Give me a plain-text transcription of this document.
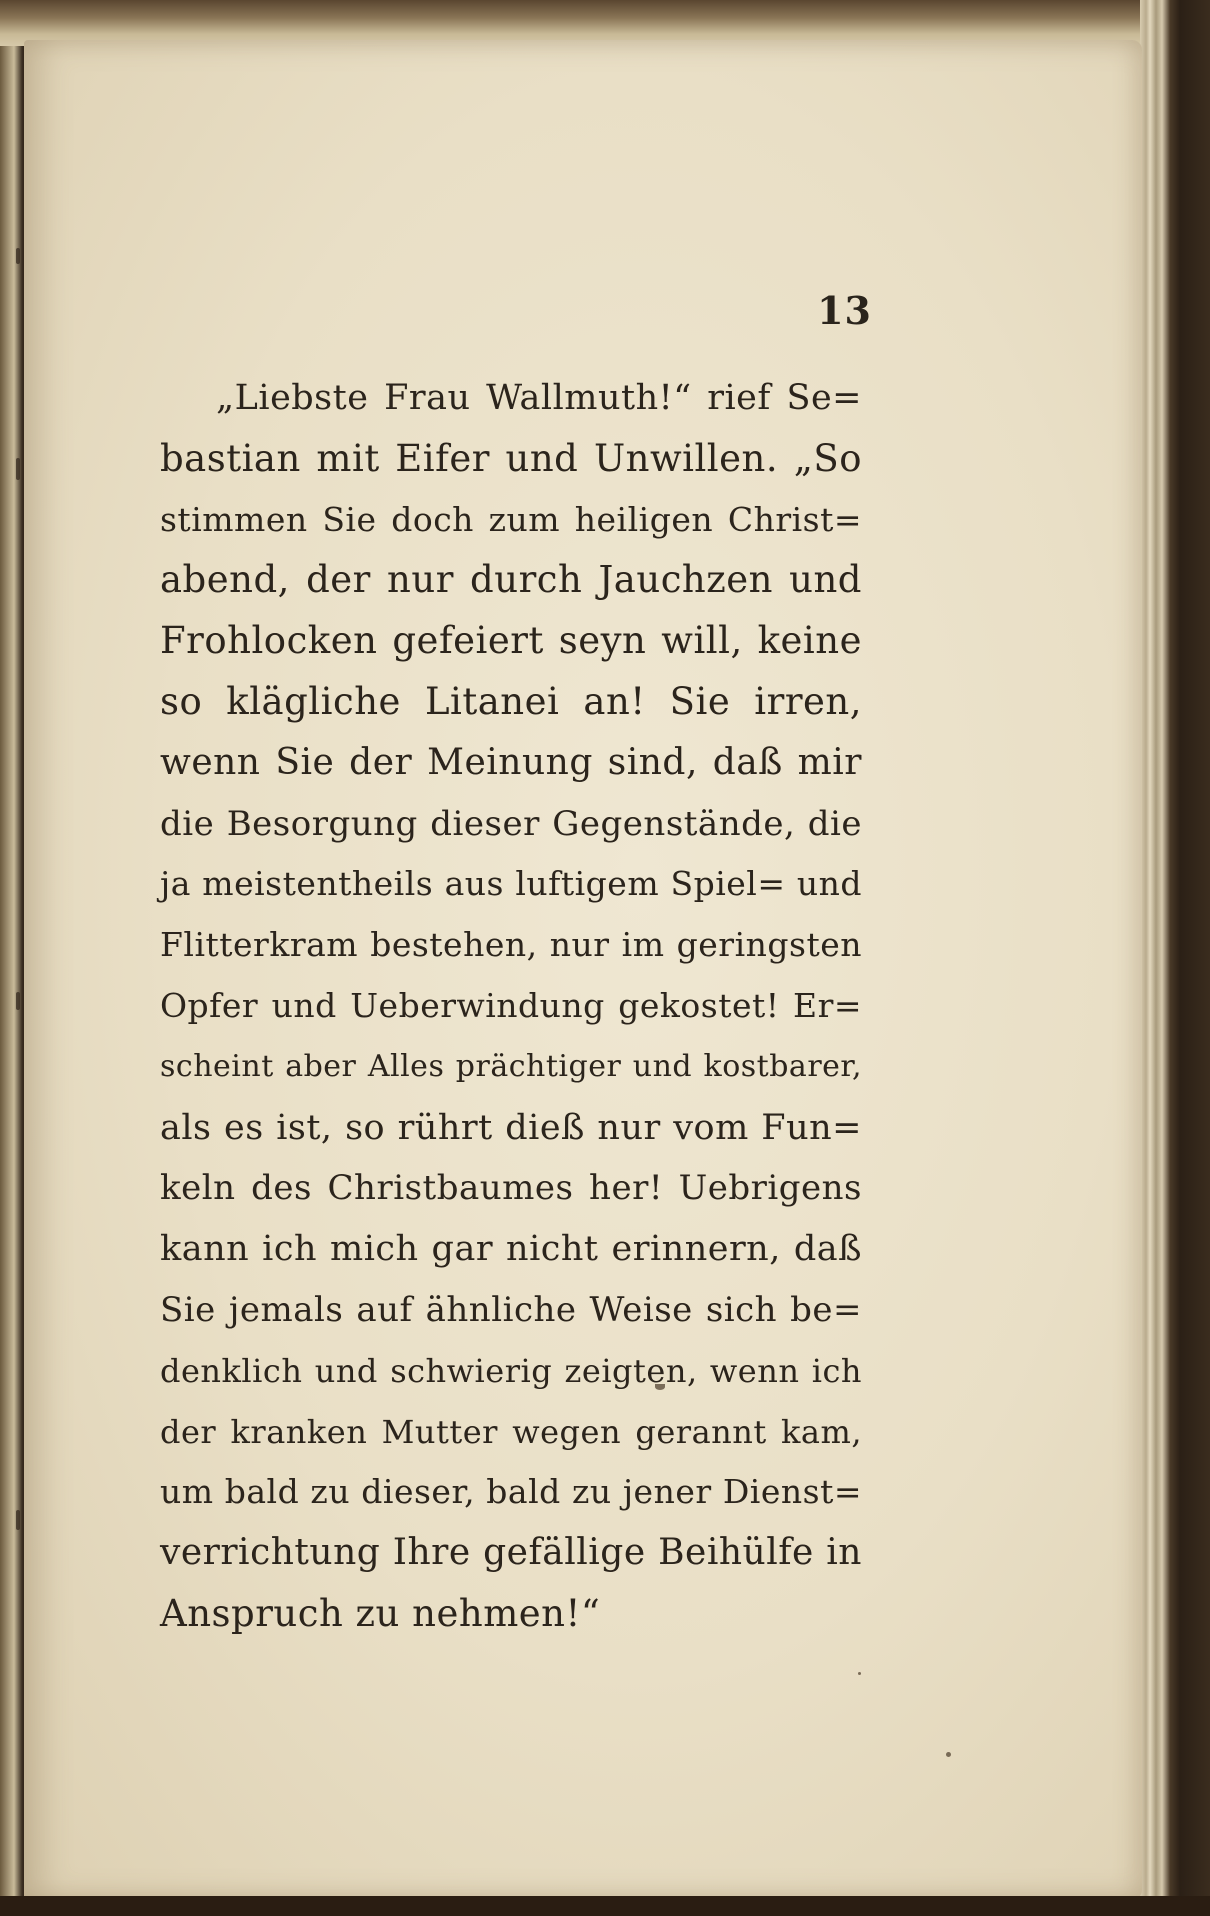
13
„Liebste Frau Wallmuth!“ rief Se=
bastian mit Eifer und Unwillen. „So
stimmen Sie doch zum heiligen Christ=
abend, der nur durch Jauchzen und
Frohlocken gefeiert seyn will, keine
so klägliche Litanei an! Sie irren,
wenn Sie der Meinung sind, daß mir
die Besorgung dieser Gegenstände, die
ja meistentheils aus luftigem Spiel= und
Flitterkram bestehen, nur im geringsten
Opfer und Ueberwindung gekostet! Er=
scheint aber Alles prächtiger und kostbarer,
als es ist, so rührt dieß nur vom Fun=
keln des Christbaumes her! Uebrigens
kann ich mich gar nicht erinnern, daß
Sie jemals auf ähnliche Weise sich be=
denklich und schwierig zeigten, wenn ich
der kranken Mutter wegen gerannt kam,
um bald zu dieser, bald zu jener Dienst=
verrichtung Ihre gefällige Beihülfe in
Anspruch zu nehmen!“
